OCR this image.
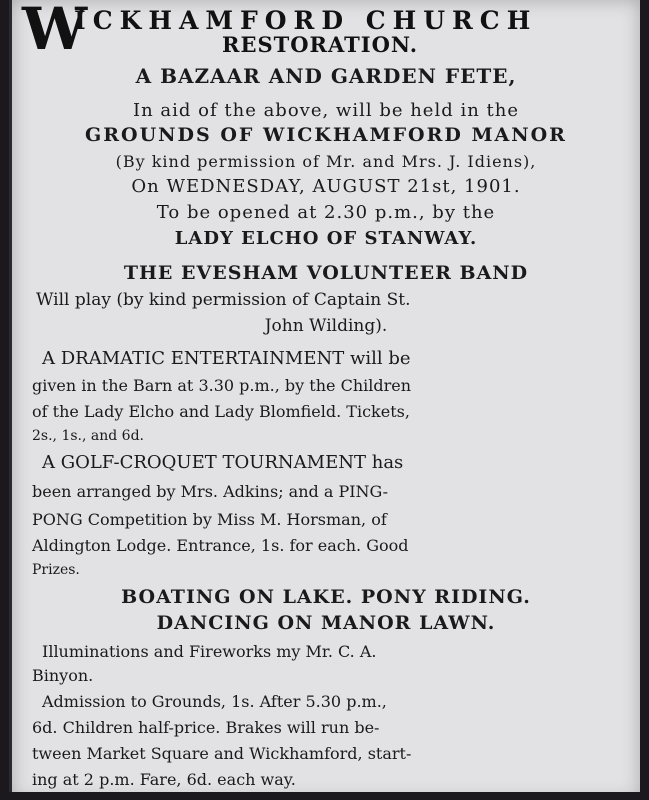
W
ICKHAMFORD CHURCH
RESTORATION.
A BAZAAR AND GARDEN FETE,
In aid of the above, will be held in the
GROUNDS OF WICKHAMFORD MANOR
(By kind permission of Mr. and Mrs. J. Idiens),
On WEDNESDAY, AUGUST 21st, 1901.
To be opened at 2.30 p.m., by the
LADY ELCHO OF STANWAY.
THE EVESHAM VOLUNTEER BAND
Will play (by kind permission of Captain St.
John Wilding).
A DRAMATIC ENTERTAINMENT will be
given in the Barn at 3.30 p.m., by the Children
of the Lady Elcho and Lady Blomfield. Tickets,
2s., 1s., and 6d.
A GOLF-CROQUET TOURNAMENT has
been arranged by Mrs. Adkins; and a PING-
PONG Competition by Miss M. Horsman, of
Aldington Lodge. Entrance, 1s. for each. Good
Prizes.
BOATING ON LAKE. PONY RIDING.
DANCING ON MANOR LAWN.
Illuminations and Fireworks my Mr. C. A.
Binyon.
Admission to Grounds, 1s. After 5.30 p.m.,
6d. Children half-price. Brakes will run be-
tween Market Square and Wickhamford, start-
ing at 2 p.m. Fare, 6d. each way.
